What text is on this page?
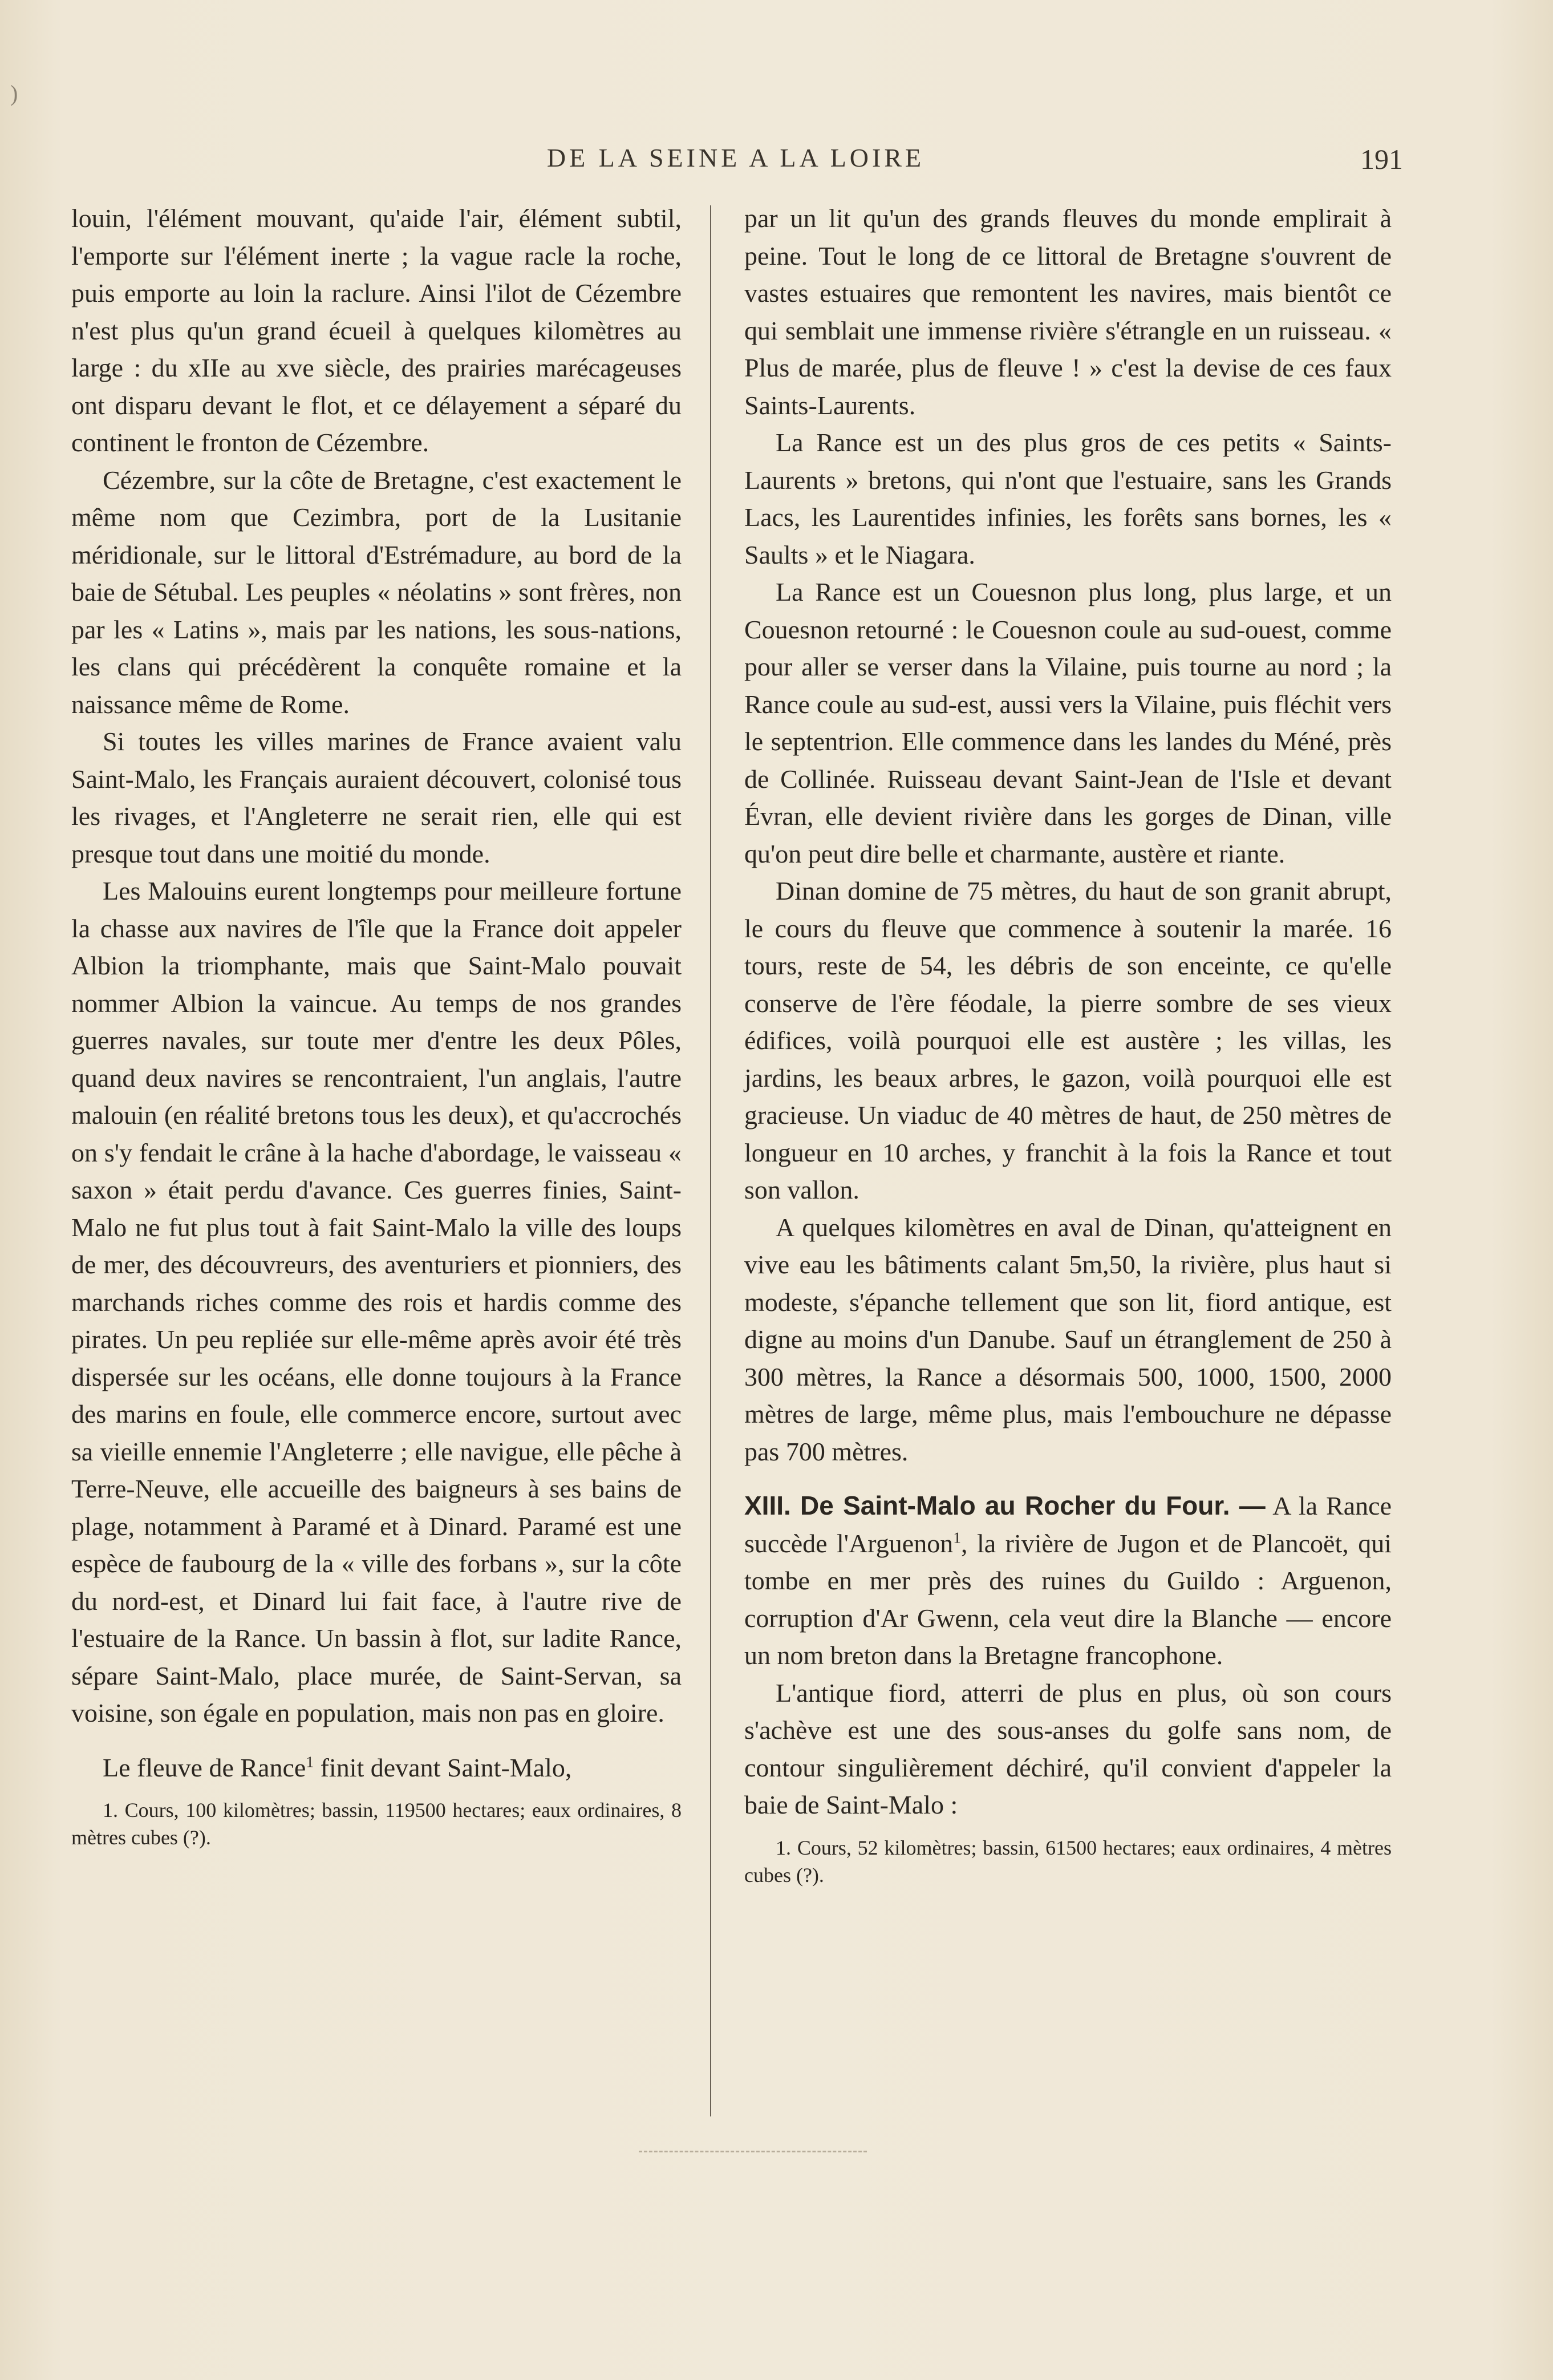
)
DE LA SEINE A LA LOIRE	191

louin, l'élément mouvant, qu'aide l'air, élément subtil, l'emporte sur l'élément inerte ; la vague racle la roche, puis emporte au loin la raclure. Ainsi l'ilot de Cézembre n'est plus qu'un grand écueil à quelques kilomètres au large : du xIIe au xve siècle, des prairies marécageuses ont disparu devant le flot, et ce délayement a séparé du continent le fronton de Cézembre.

Cézembre, sur la côte de Bretagne, c'est exactement le même nom que Cezimbra, port de la Lusitanie méridionale, sur le littoral d'Estrémadure, au bord de la baie de Sétubal. Les peuples « néolatins » sont frères, non par les « Latins », mais par les nations, les sous-nations, les clans qui précédèrent la conquête romaine et la naissance même de Rome.

Si toutes les villes marines de France avaient valu Saint-Malo, les Français auraient découvert, colonisé tous les rivages, et l'Angleterre ne serait rien, elle qui est presque tout dans une moitié du monde.

Les Malouins eurent longtemps pour meilleure fortune la chasse aux navires de l'île que la France doit appeler Albion la triomphante, mais que Saint-Malo pouvait nommer Albion la vaincue. Au temps de nos grandes guerres navales, sur toute mer d'entre les deux Pôles, quand deux navires se rencontraient, l'un anglais, l'autre malouin (en réalité bretons tous les deux), et qu'accrochés on s'y fendait le crâne à la hache d'abordage, le vaisseau « saxon » était perdu d'avance. Ces guerres finies, Saint-Malo ne fut plus tout à fait Saint-Malo la ville des loups de mer, des découvreurs, des aventuriers et pionniers, des marchands riches comme des rois et hardis comme des pirates. Un peu repliée sur elle-même après avoir été très dispersée sur les océans, elle donne toujours à la France des marins en foule, elle commerce encore, surtout avec sa vieille ennemie l'Angleterre ; elle navigue, elle pêche à Terre-Neuve, elle accueille des baigneurs à ses bains de plage, notamment à Paramé et à Dinard. Paramé est une espèce de faubourg de la « ville des forbans », sur la côte du nord-est, et Dinard lui fait face, à l'autre rive de l'estuaire de la Rance. Un bassin à flot, sur ladite Rance, sépare Saint-Malo, place murée, de Saint-Servan, sa voisine, son égale en population, mais non pas en gloire.

Le fleuve de Rance$^1$ finit devant Saint-Malo,

1. Cours, 100 kilomètres; bassin, 119500 hectares; eaux ordinaires, 8 mètres cubes (?).

par un lit qu'un des grands fleuves du monde emplirait à peine. Tout le long de ce littoral de Bretagne s'ouvrent de vastes estuaires que remontent les navires, mais bientôt ce qui semblait une immense rivière s'étrangle en un ruisseau. « Plus de marée, plus de fleuve ! » c'est la devise de ces faux Saints-Laurents.

La Rance est un des plus gros de ces petits « Saints-Laurents » bretons, qui n'ont que l'estuaire, sans les Grands Lacs, les Laurentides infinies, les forêts sans bornes, les « Saults » et le Niagara.

La Rance est un Couesnon plus long, plus large, et un Couesnon retourné : le Couesnon coule au sud-ouest, comme pour aller se verser dans la Vilaine, puis tourne au nord ; la Rance coule au sud-est, aussi vers la Vilaine, puis fléchit vers le septentrion. Elle commence dans les landes du Méné, près de Collinée. Ruisseau devant Saint-Jean de l'Isle et devant Évran, elle devient rivière dans les gorges de Dinan, ville qu'on peut dire belle et charmante, austère et riante.

Dinan domine de 75 mètres, du haut de son granit abrupt, le cours du fleuve que commence à soutenir la marée. 16 tours, reste de 54, les débris de son enceinte, ce qu'elle conserve de l'ère féodale, la pierre sombre de ses vieux édifices, voilà pourquoi elle est austère ; les villas, les jardins, les beaux arbres, le gazon, voilà pourquoi elle est gracieuse. Un viaduc de 40 mètres de haut, de 250 mètres de longueur en 10 arches, y franchit à la fois la Rance et tout son vallon.

A quelques kilomètres en aval de Dinan, qu'atteignent en vive eau les bâtiments calant 5m,50, la rivière, plus haut si modeste, s'épanche tellement que son lit, fiord antique, est digne au moins d'un Danube. Sauf un étranglement de 250 à 300 mètres, la Rance a désormais 500, 1000, 1500, 2000 mètres de large, même plus, mais l'embouchure ne dépasse pas 700 mètres.

XIII. De Saint-Malo au Rocher du Four. — A la Rance succède l'Arguenon$^1$, la rivière de Jugon et de Plancoët, qui tombe en mer près des ruines du Guildo : Arguenon, corruption d'Ar Gwenn, cela veut dire la Blanche — encore un nom breton dans la Bretagne francophone.

L'antique fiord, atterri de plus en plus, où son cours s'achève est une des sous-anses du golfe sans nom, de contour singulièrement déchiré, qu'il convient d'appeler la baie de Saint-Malo :

1. Cours, 52 kilomètres; bassin, 61500 hectares; eaux ordinaires, 4 mètres cubes (?).
